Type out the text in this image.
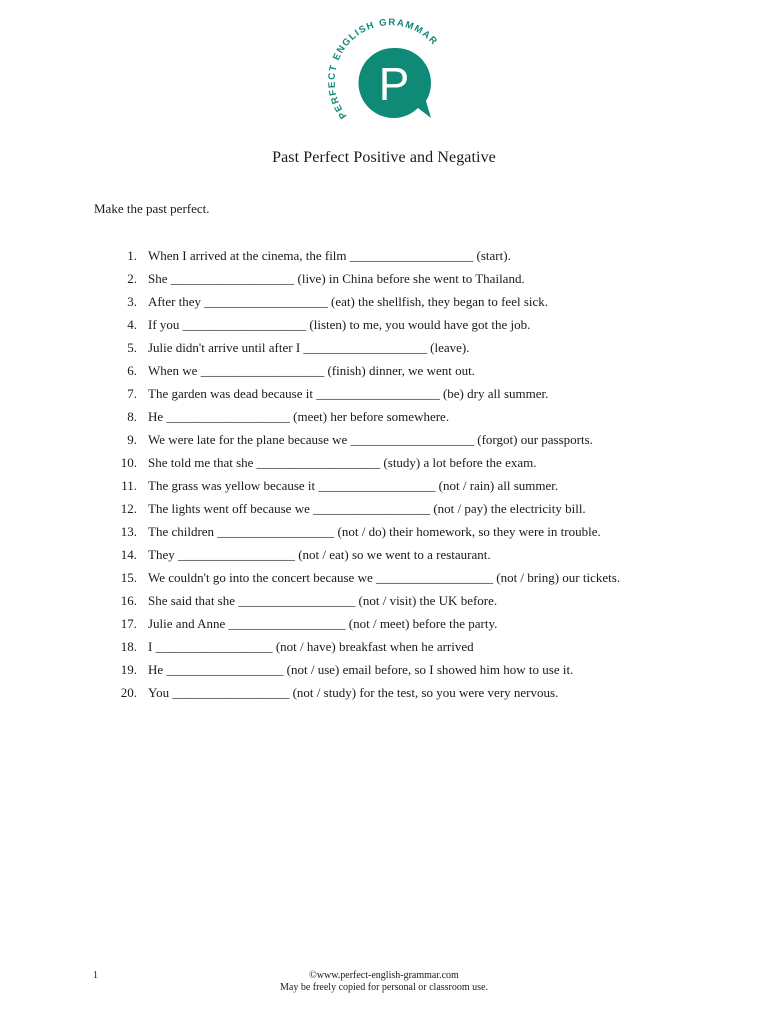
PERFECT ENGLISH GRAMMAR
P
Past Perfect Positive and Negative
Make the past perfect.
1. When I arrived at the cinema, the film ___________________ (start).
2. She ___________________ (live) in China before she went to Thailand.
3. After they ___________________ (eat) the shellfish, they began to feel sick.
4. If you ___________________ (listen) to me, you would have got the job.
5. Julie didn't arrive until after I ___________________ (leave).
6. When we ___________________ (finish) dinner, we went out.
7. The garden was dead because it ___________________ (be) dry all summer.
8. He ___________________ (meet) her before somewhere.
9. We were late for the plane because we ___________________ (forgot) our passports.
10. She told me that she ___________________ (study) a lot before the exam.
11. The grass was yellow because it __________________ (not / rain) all summer.
12. The lights went off because we __________________ (not / pay) the electricity bill.
13. The children __________________ (not / do) their homework, so they were in trouble.
14. They __________________ (not / eat) so we went to a restaurant.
15. We couldn't go into the concert because we __________________ (not / bring) our tickets.
16. She said that she __________________ (not / visit) the UK before.
17. Julie and Anne __________________ (not / meet) before the party.
18. I __________________ (not / have) breakfast when he arrived
19. He __________________ (not / use) email before, so I showed him how to use it.
20. You __________________ (not / study) for the test, so you were very nervous.
1	©www.perfect-english-grammar.com
May be freely copied for personal or classroom use.
